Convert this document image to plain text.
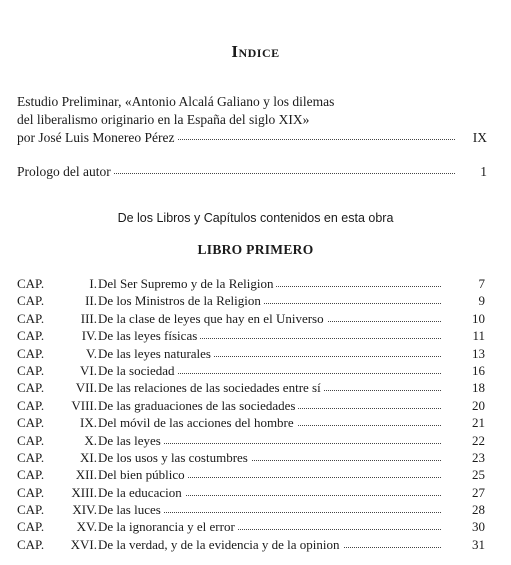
Indice
Estudio Preliminar, «Antonio Alcalá Galiano y los dilemas
del liberalismo originario en la España del siglo XIX»
por José Luis Monereo Pérez	IX
Prologo del autor	1
De los Libros y Capítulos contenidos en esta obra
LIBRO PRIMERO
CAP.	I. Del Ser Supremo y de la Religion	7
CAP.	II. De los Ministros de la Religion	9
CAP.	III. De la clase de leyes que hay en el Universo	10
CAP.	IV. De las leyes físicas	11
CAP.	V. De las leyes naturales	13
CAP.	VI. De la sociedad	16
CAP.	VII. De las relaciones de las sociedades entre sí	18
CAP.	VIII. De las graduaciones de las sociedades	20
CAP.	IX. Del móvil de las acciones del hombre	21
CAP.	X. De las leyes	22
CAP.	XI. De los usos y las costumbres	23
CAP.	XII. Del bien público	25
CAP.	XIII. De la educacion	27
CAP.	XIV. De las luces	28
CAP.	XV. De la ignorancia y el error	30
CAP.	XVI. De la verdad, y de la evidencia y de la opinion	31
